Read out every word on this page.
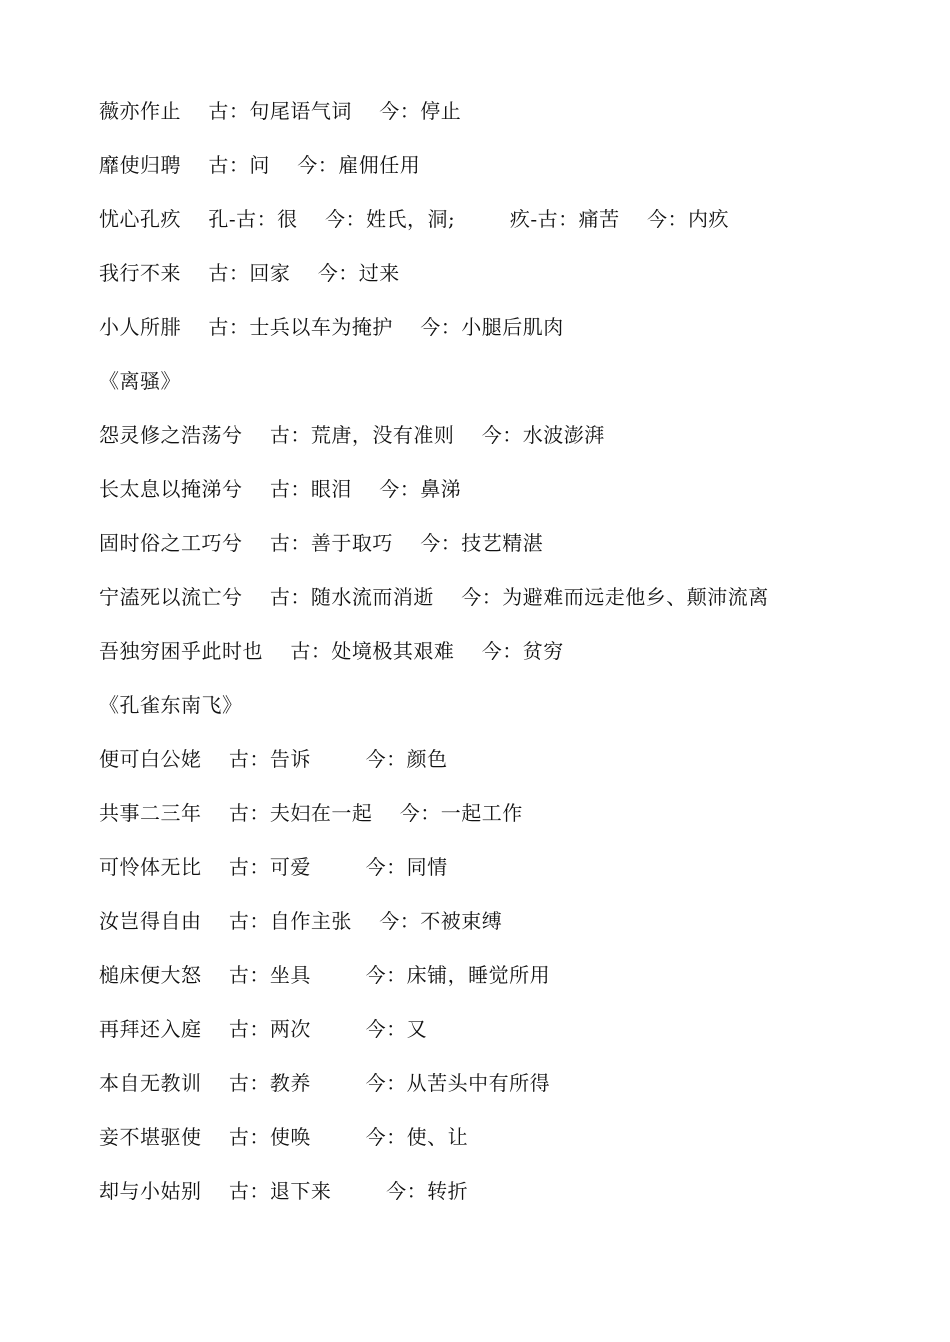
薇亦作止　 古：句尾语气词　 今：停止
靡使归聘　 古：问　 今：雇佣任用
忧心孔疚　 孔-古：很　 今：姓氏，洞;　 　 疚-古：痛苦　 今：内疚
我行不来　 古：回家　 今：过来
小人所腓　 古：士兵以车为掩护　 今：小腿后肌肉
《离骚》
怨灵修之浩荡兮　 古：荒唐，没有准则　 今：水波澎湃
长太息以掩涕兮　 古：眼泪　 今：鼻涕
固时俗之工巧兮　 古：善于取巧　 今：技艺精湛
宁溘死以流亡兮　 古：随水流而消逝　 今：为避难而远走他乡、颠沛流离
吾独穷困乎此时也　 古：处境极其艰难　 今：贫穷
《孔雀东南飞》
便可白公姥　 古：告诉　 　 今：颜色
共事二三年　 古：夫妇在一起　 今：一起工作
可怜体无比　 古：可爱　 　 今：同情
汝岂得自由　 古：自作主张　 今：不被束缚
槌床便大怒　 古：坐具　 　 今：床铺，睡觉所用
再拜还入庭　 古：两次　 　 今：又
本自无教训　 古：教养　 　 今：从苦头中有所得
妾不堪驱使　 古：使唤　 　 今：使、让
却与小姑别　 古：退下来　 　 今：转折
